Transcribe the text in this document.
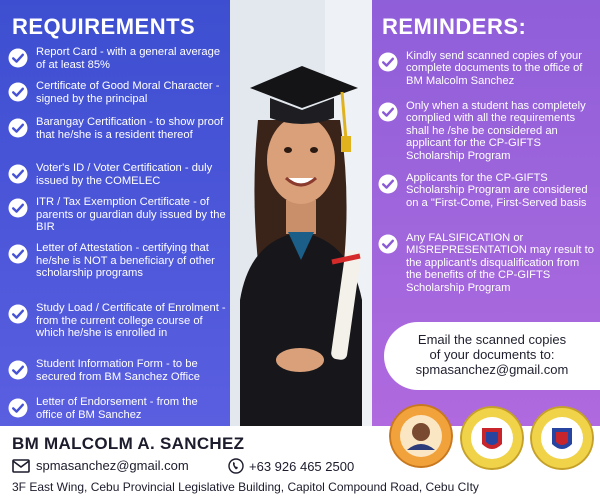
REQUIREMENTS
Report Card - with a general average of at least 85%
Certificate of Good Moral Character -signed by the principal
Barangay Certification - to show proof that he/she is a resident thereof
Voter's ID / Voter Certification - duly issued by the COMELEC
ITR / Tax Exemption Certificate - of parents or guardian duly issued by the BIR
Letter of Attestation - certifying that he/she is NOT a beneficiary of other scholarship programs
Study Load / Certificate of Enrolment - from the current college course of which he/she is enrolled in
Student Information Form - to be secured from BM Sanchez Office
Letter of Endorsement - from the office of BM Sanchez
REMINDERS:
Kindly send scanned copies of your complete documents to the office of BM Malcolm Sanchez
Only when a student has completely complied with all the requirements shall he /she be considered an applicant for the CP-GIFTS Scholarship Program
Applicants for the CP-GIFTS Scholarship Program are considered on a "First-Come, First-Served basis
Any FALSIFICATION or MISREPRESENTATION may result to the applicant's disqualification from the benefits of the CP-GIFTS Scholarship Program
Email the scanned copies
of your documents to:
spmasanchez@gmail.com
BM MALCOLM A. SANCHEZ
spmasanchez@gmail.com	+63 926 465 2500
3F East Wing, Cebu Provincial Legislative Building, Capitol Compound Road, Cebu CIty
